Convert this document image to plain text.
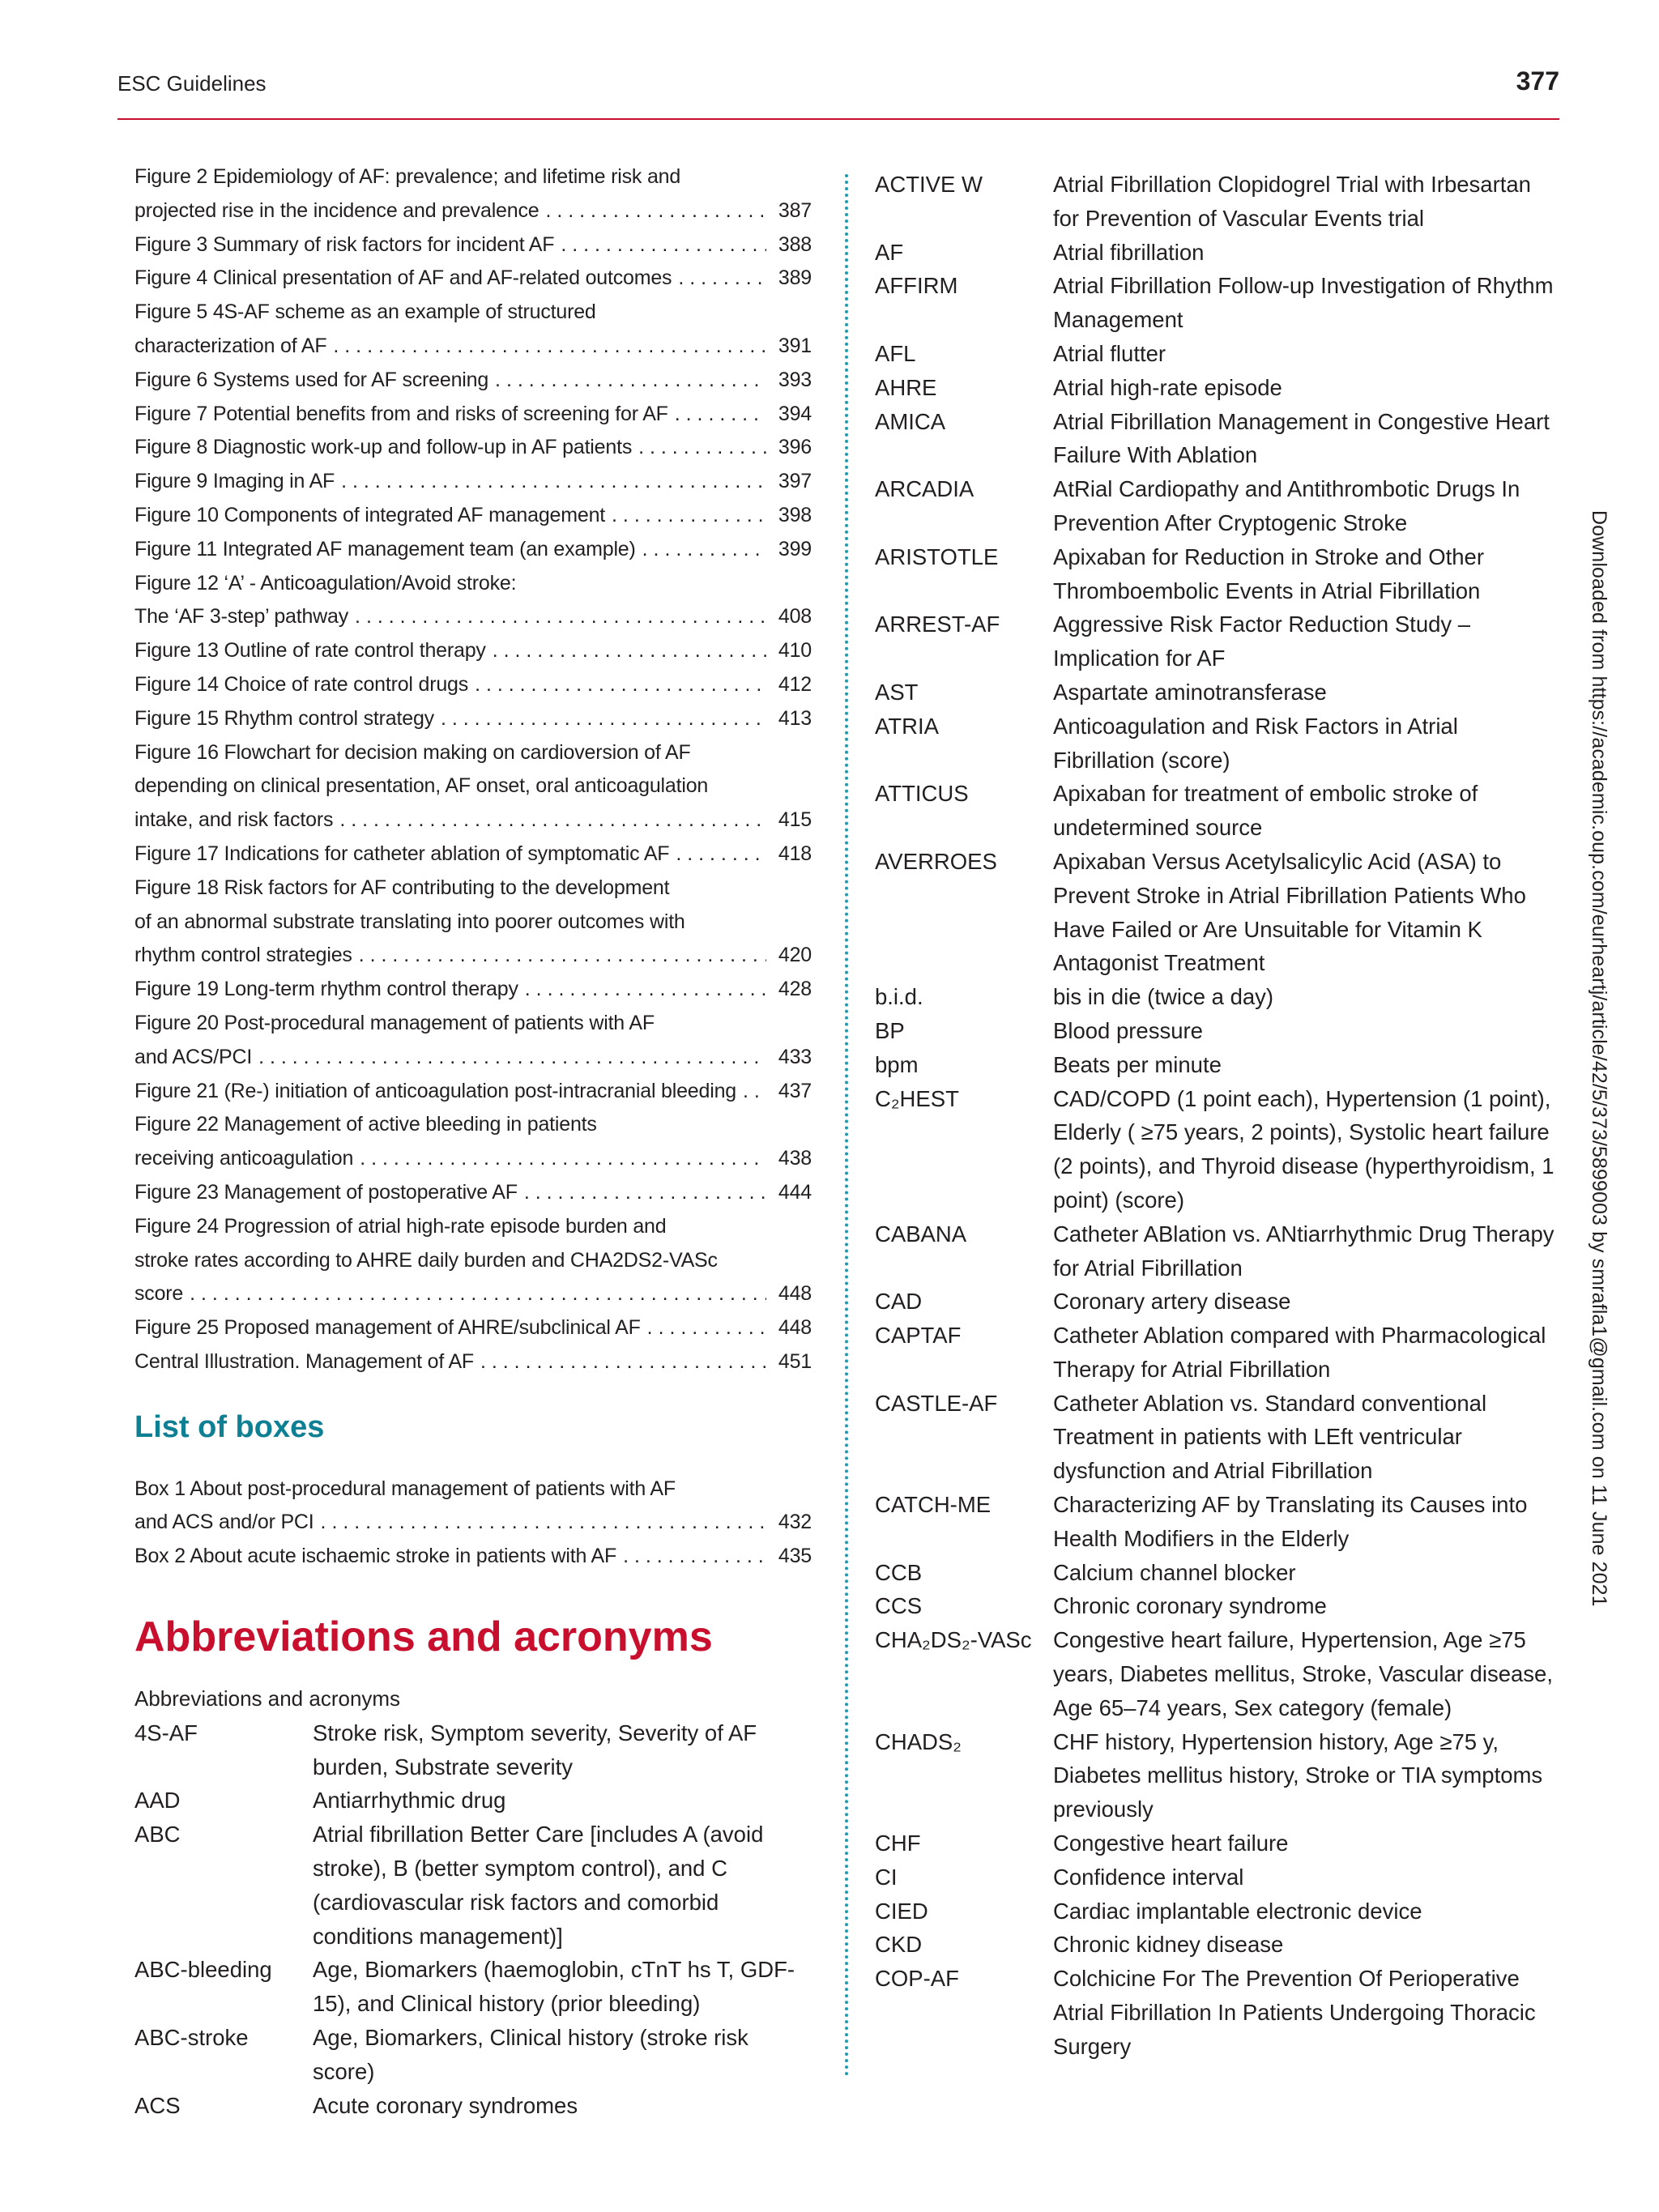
ESC Guidelines	377
Figure 2 Epidemiology of AF: prevalence; and lifetime risk and
projected rise in the incidence and prevalence . . .	387
Figure 3 Summary of risk factors for incident AF . . .	388
Figure 4 Clinical presentation of AF and AF-related outcomes . . .	389
Figure 5 4S-AF scheme as an example of structured
characterization of AF . . .	391
Figure 6 Systems used for AF screening . . .	393
Figure 7 Potential benefits from and risks of screening for AF . . .	394
Figure 8 Diagnostic work-up and follow-up in AF patients . . .	396
Figure 9 Imaging in AF . . .	397
Figure 10 Components of integrated AF management . . .	398
Figure 11 Integrated AF management team (an example) . . .	399
Figure 12 ‘A’ - Anticoagulation/Avoid stroke:
The ‘AF 3-step’ pathway . . .	408
Figure 13 Outline of rate control therapy . . .	410
Figure 14 Choice of rate control drugs . . .	412
Figure 15 Rhythm control strategy . . .	413
Figure 16 Flowchart for decision making on cardioversion of AF
depending on clinical presentation, AF onset, oral anticoagulation
intake, and risk factors . . .	415
Figure 17 Indications for catheter ablation of symptomatic AF . . .	418
Figure 18 Risk factors for AF contributing to the development
of an abnormal substrate translating into poorer outcomes with
rhythm control strategies . . .	420
Figure 19 Long-term rhythm control therapy . . .	428
Figure 20 Post-procedural management of patients with AF
and ACS/PCI . . .	433
Figure 21 (Re-) initiation of anticoagulation post-intracranial bleeding . . . 437
Figure 22 Management of active bleeding in patients
receiving anticoagulation . . .	438
Figure 23 Management of postoperative AF . . .	444
Figure 24 Progression of atrial high-rate episode burden and
stroke rates according to AHRE daily burden and CHA2DS2-VASc
score . . .	448
Figure 25 Proposed management of AHRE/subclinical AF . . .	448
Central Illustration. Management of AF . . .	451
List of boxes
Box 1 About post-procedural management of patients with AF
and ACS and/or PCI . . .	432
Box 2 About acute ischaemic stroke in patients with AF . . .	435
Abbreviations and acronyms
Abbreviations and acronyms
4S-AF	Stroke risk, Symptom severity, Severity of AF burden, Substrate severity
AAD	Antiarrhythmic drug
ABC	Atrial fibrillation Better Care [includes A (avoid stroke), B (better symptom control), and C (cardiovascular risk factors and comorbid conditions management)]
ABC-bleeding	Age, Biomarkers (haemoglobin, cTnT hs T, GDF-15), and Clinical history (prior bleeding)
ABC-stroke	Age, Biomarkers, Clinical history (stroke risk score)
ACS	Acute coronary syndromes
ACTIVE W	Atrial Fibrillation Clopidogrel Trial with Irbesartan for Prevention of Vascular Events trial
AF	Atrial fibrillation
AFFIRM	Atrial Fibrillation Follow-up Investigation of Rhythm Management
AFL	Atrial flutter
AHRE	Atrial high-rate episode
AMICA	Atrial Fibrillation Management in Congestive Heart Failure With Ablation
ARCADIA	AtRial Cardiopathy and Antithrombotic Drugs In Prevention After Cryptogenic Stroke
ARISTOTLE	Apixaban for Reduction in Stroke and Other Thromboembolic Events in Atrial Fibrillation
ARREST-AF	Aggressive Risk Factor Reduction Study – Implication for AF
AST	Aspartate aminotransferase
ATRIA	Anticoagulation and Risk Factors in Atrial Fibrillation (score)
ATTICUS	Apixaban for treatment of embolic stroke of undetermined source
AVERROES	Apixaban Versus Acetylsalicylic Acid (ASA) to Prevent Stroke in Atrial Fibrillation Patients Who Have Failed or Are Unsuitable for Vitamin K Antagonist Treatment
b.i.d.	bis in die (twice a day)
BP	Blood pressure
bpm	Beats per minute
C₂HEST	CAD/COPD (1 point each), Hypertension (1 point), Elderly ( ≥75 years, 2 points), Systolic heart failure (2 points), and Thyroid disease (hyperthyroidism, 1 point) (score)
CABANA	Catheter ABlation vs. ANtiarrhythmic Drug Therapy for Atrial Fibrillation
CAD	Coronary artery disease
CAPTAF	Catheter Ablation compared with Pharmacological Therapy for Atrial Fibrillation
CASTLE-AF	Catheter Ablation vs. Standard conventional Treatment in patients with LEft ventricular dysfunction and Atrial Fibrillation
CATCH-ME	Characterizing AF by Translating its Causes into Health Modifiers in the Elderly
CCB	Calcium channel blocker
CCS	Chronic coronary syndrome
CHA₂DS₂-VASc Congestive heart failure, Hypertension, Age ≥75 years, Diabetes mellitus, Stroke, Vascular disease, Age 65–74 years, Sex category (female)
CHADS₂	CHF history, Hypertension history, Age ≥75 y, Diabetes mellitus history, Stroke or TIA symptoms previously
CHF	Congestive heart failure
CI	Confidence interval
CIED	Cardiac implantable electronic device
CKD	Chronic kidney disease
COP-AF	Colchicine For The Prevention Of Perioperative Atrial Fibrillation In Patients Undergoing Thoracic Surgery
Downloaded from https://academic.oup.com/eurheartj/article/42/5/373/5899003 by smrafla1@gmail.com on 11 June 2021
